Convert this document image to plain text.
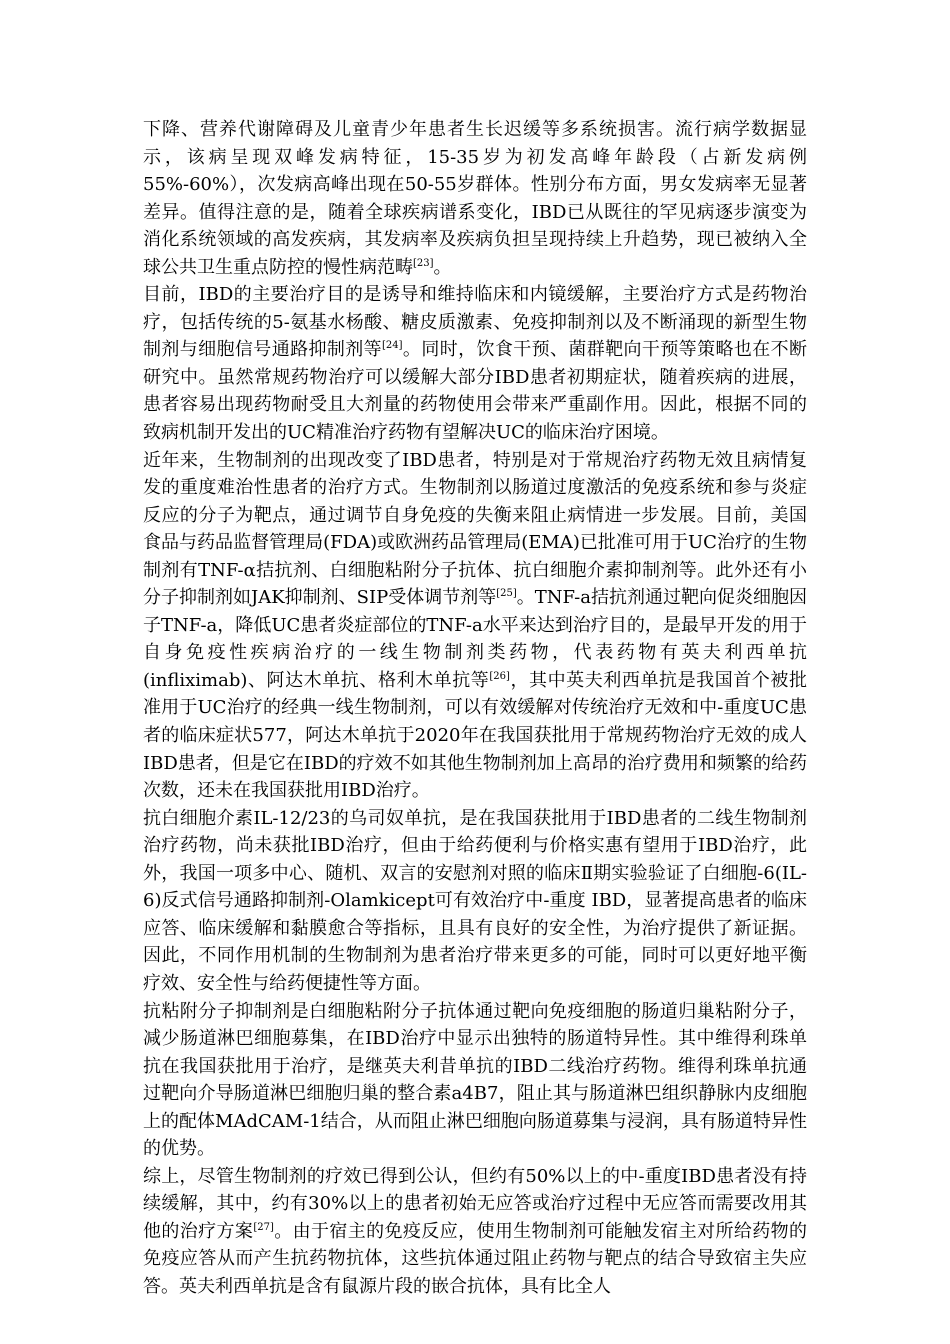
下降、营养代谢障碍及儿童青少年患者生长迟缓等多系统损害。流行病学数据显示，该病呈现双峰发病特征，15-35岁为初发高峰年龄段（占新发病例55%-60%），次发病高峰出现在50-55岁群体。性别分布方面，男女发病率无显著差异。值得注意的是，随着全球疾病谱系变化，IBD已从既往的罕见病逐步演变为消化系统领域的高发疾病，其发病率及疾病负担呈现持续上升趋势，现已被纳入全球公共卫生重点防控的慢性病范畴[23]。

目前，IBD的主要治疗目的是诱导和维持临床和内镜缓解，主要治疗方式是药物治疗，包括传统的5-氨基水杨酸、糖皮质激素、免疫抑制剂以及不断涌现的新型生物制剂与细胞信号通路抑制剂等[24]。同时，饮食干预、菌群靶向干预等策略也在不断研究中。虽然常规药物治疗可以缓解大部分IBD患者初期症状，随着疾病的进展，患者容易出现药物耐受且大剂量的药物使用会带来严重副作用。因此，根据不同的致病机制开发出的UC精准治疗药物有望解决UC的临床治疗困境。

近年来，生物制剂的出现改变了IBD患者，特别是对于常规治疗药物无效且病情复发的重度难治性患者的治疗方式。生物制剂以肠道过度激活的免疫系统和参与炎症反应的分子为靶点，通过调节自身免疫的失衡来阻止病情进一步发展。目前，美国食品与药品监督管理局(FDA)或欧洲药品管理局(EMA)已批准可用于UC治疗的生物制剂有TNF-α拮抗剂、白细胞粘附分子抗体、抗白细胞介素抑制剂等。此外还有小分子抑制剂如JAK抑制剂、SIP受体调节剂等[25]。TNF-a拮抗剂通过靶向促炎细胞因子TNF-a，降低UC患者炎症部位的TNF-a水平来达到治疗目的，是最早开发的用于自身免疫性疾病治疗的一线生物制剂类药物，代表药物有英夫利西单抗(infliximab)、阿达木单抗、格利木单抗等[26]，其中英夫利西单抗是我国首个被批准用于UC治疗的经典一线生物制剂，可以有效缓解对传统治疗无效和中-重度UC患者的临床症状577，阿达木单抗于2020年在我国获批用于常规药物治疗无效的成人IBD患者，但是它在IBD的疗效不如其他生物制剂加上高昂的治疗费用和频繁的给药次数，还未在我国获批用IBD治疗。

抗白细胞介素IL-12/23的乌司奴单抗，是在我国获批用于IBD患者的二线生物制剂治疗药物，尚未获批IBD治疗，但由于给药便利与价格实惠有望用于IBD治疗，此外，我国一项多中心、随机、双言的安慰剂对照的临床Ⅱ期实验验证了白细胞-6(IL-6)反式信号通路抑制剂-Olamkicept可有效治疗中-重度 IBD，显著提高患者的临床应答、临床缓解和黏膜愈合等指标，且具有良好的安全性，为治疗提供了新证据。因此，不同作用机制的生物制剂为患者治疗带来更多的可能，同时可以更好地平衡疗效、安全性与给药便捷性等方面。

抗粘附分子抑制剂是白细胞粘附分子抗体通过靶向免疫细胞的肠道归巢粘附分子，减少肠道淋巴细胞募集，在IBD治疗中显示出独特的肠道特异性。其中维得利珠单抗在我国获批用于治疗，是继英夫利昔单抗的IBD二线治疗药物。维得利珠单抗通过靶向介导肠道淋巴细胞归巢的整合素a4B7，阻止其与肠道淋巴组织静脉内皮细胞上的配体MAdCAM-1结合，从而阻止淋巴细胞向肠道募集与浸润，具有肠道特异性的优势。

综上，尽管生物制剂的疗效已得到公认，但约有50%以上的中-重度IBD患者没有持续缓解，其中，约有30%以上的患者初始无应答或治疗过程中无应答而需要改用其他的治疗方案[27]。由于宿主的免疫反应，使用生物制剂可能触发宿主对所给药物的免疫应答从而产生抗药物抗体，这些抗体通过阻止药物与靶点的结合导致宿主失应答。英夫利西单抗是含有鼠源片段的嵌合抗体，具有比全人
